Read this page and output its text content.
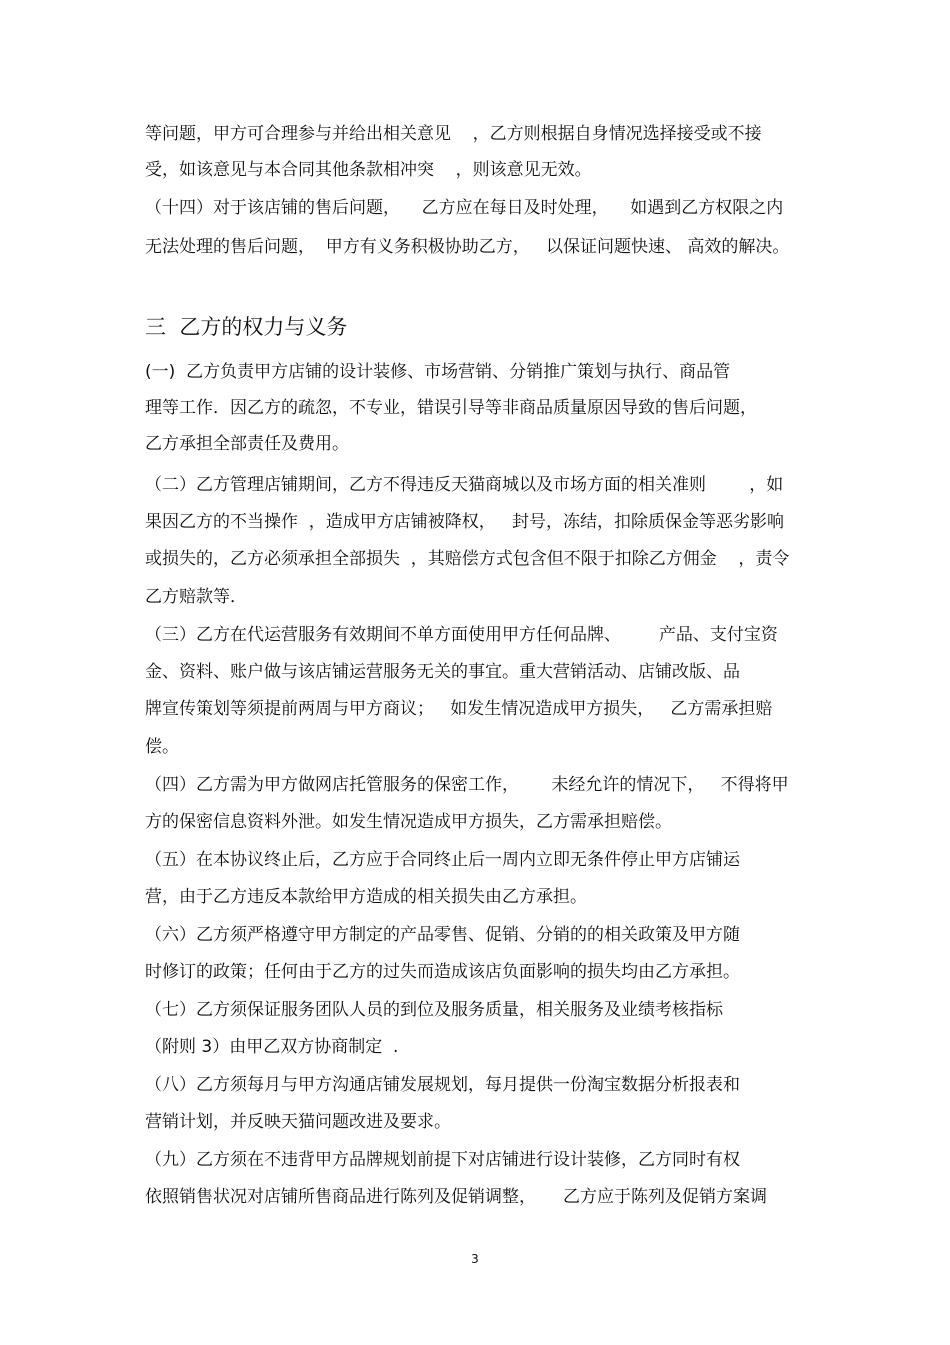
等问题，甲方可合理参与并给出相关意见    ，乙方则根据自身情况选择接受或不接
受，如该意见与本合同其他条款相冲突    ，则该意见无效。
（十四）对于该店铺的售后问题，    乙方应在每日及时处理，    如遇到乙方权限之内
无法处理的售后问题，  甲方有义务积极协助乙方，   以保证问题快速、 高效的解决。
三  乙方的权力与义务
(一)  乙方负责甲方店铺的设计装修、市场营销、分销推广策划与执行、商品管
理等工作．因乙方的疏忽，不专业，错误引导等非商品质量原因导致的售后问题，
乙方承担全部责任及费用。
（二）乙方管理店铺期间，乙方不得违反天猫商城以及市场方面的相关准则        ，如
果因乙方的不当操作  ，造成甲方店铺被降权，   封号，冻结，扣除质保金等恶劣影响
或损失的，乙方必须承担全部损失  ，其赔偿方式包含但不限于扣除乙方佣金    ，责令
乙方赔款等．
（三）乙方在代运营服务有效期间不单方面使用甲方任何品牌、       产品、支付宝资
金、资料、账户做与该店铺运营服务无关的事宜。重大营销活动、店铺改版、品
牌宣传策划等须提前两周与甲方商议；   如发生情况造成甲方损失，   乙方需承担赔
偿。
（四）乙方需为甲方做网店托管服务的保密工作，      未经允许的情况下，   不得将甲
方的保密信息资料外泄。如发生情况造成甲方损失，乙方需承担赔偿。
（五）在本协议终止后，乙方应于合同终止后一周内立即无条件停止甲方店铺运
营，由于乙方违反本款给甲方造成的相关损失由乙方承担。
（六）乙方须严格遵守甲方制定的产品零售、促销、分销的的相关政策及甲方随
时修订的政策；任何由于乙方的过失而造成该店负面影响的损失均由乙方承担。
（七）乙方须保证服务团队人员的到位及服务质量，相关服务及业绩考核指标
（附则 3）由甲乙双方协商制定  .
（八）乙方须每月与甲方沟通店铺发展规划，每月提供一份淘宝数据分析报表和
营销计划，并反映天猫问题改进及要求。
（九）乙方须在不违背甲方品牌规划前提下对店铺进行设计装修，乙方同时有权
依照销售状况对店铺所售商品进行陈列及促销调整，     乙方应于陈列及促销方案调
3
